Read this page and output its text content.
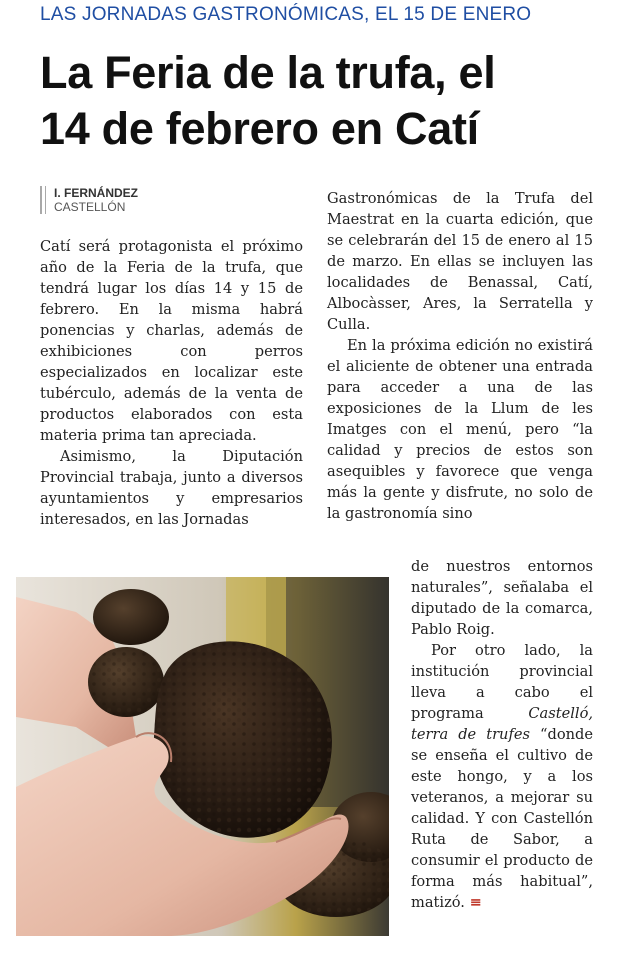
LAS JORNADAS GASTRONÓMICAS, EL 15 DE ENERO
La Feria de la trufa, el
14 de febrero en Catí
I. FERNÁNDEZ
CASTELLÓN

Catí será protagonista el próximo año de la Feria de la trufa, que tendrá lugar los días 14 y 15 de febrero. En la misma habrá ponencias y charlas, además de exhibiciones con perros especializados en localizar este tubérculo, además de la venta de productos elaborados con esta materia prima tan apreciada.

Asimismo, la Diputación Provincial trabaja, junto a diversos ayuntamientos y empresarios interesados, en las Jornadas

Gastronómicas de la Trufa del Maestrat en la cuarta edición, que se celebrarán del 15 de enero al 15 de marzo. En ellas se incluyen las localidades de Benassal, Catí, Albocàsser, Ares, la Serratella y Culla.

En la próxima edición no existirá el aliciente de obtener una entrada para acceder a una de las exposiciones de la Llum de les Imatges con el menú, pero “la calidad y precios de estos son asequibles y favorece que venga más la gente y disfrute, no solo de la gastronomía sino

de nuestros entornos naturales”, señalaba el diputado de la comarca, Pablo Roig.

Por otro lado, la institución provincial lleva a cabo el programa	Castelló, terra de trufes “donde se enseña el cultivo de este hongo, y a los veteranos, a mejorar su calidad. Y con Castellón Ruta de Sabor, a consumir el producto de forma más habitual”, matizó. ≡
